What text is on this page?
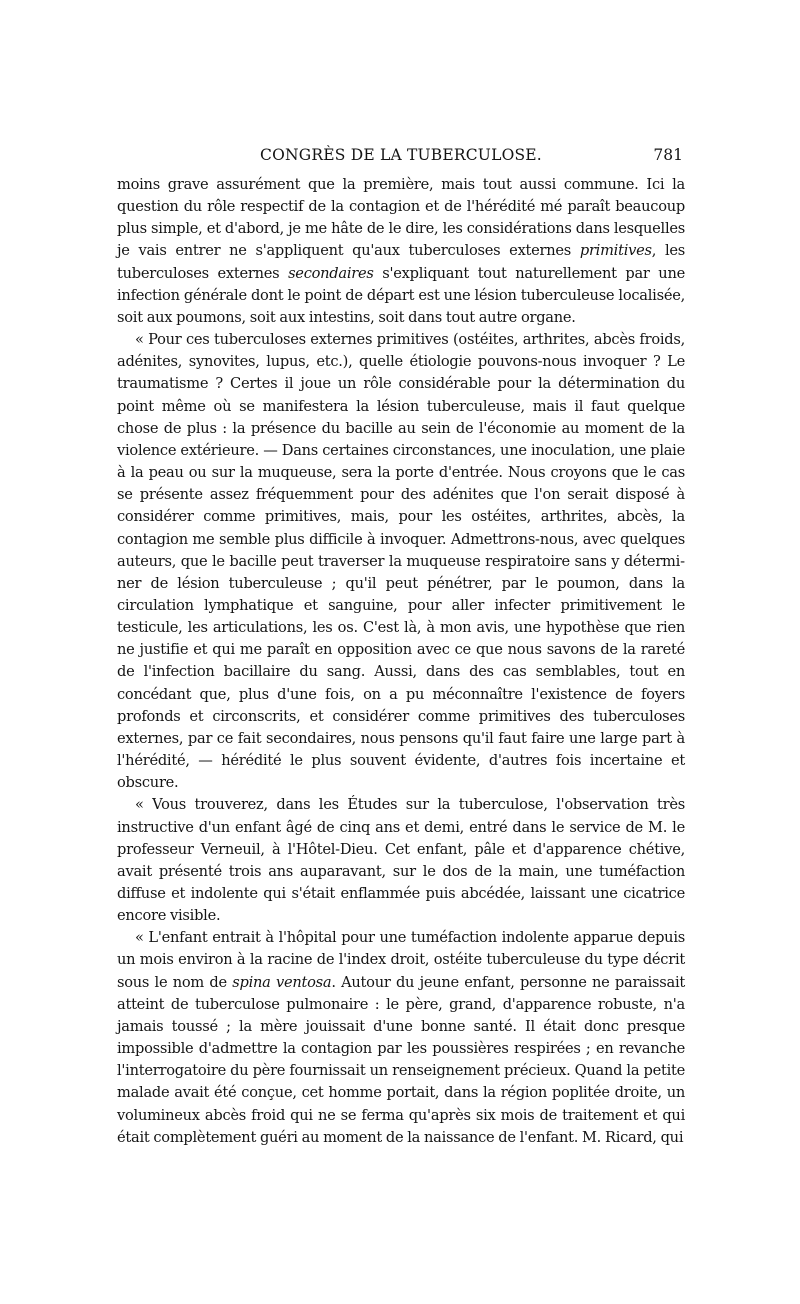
CONGRÈS DE LA TUBERCULOSE.	781

moins grave assurément que la première, mais tout aussi commune. Ici la question du rôle respectif de la contagion et de l'hérédité mé paraît beaucoup plus simple, et d'abord, je me hâte de le dire, les considérations dans lesquelles je vais entrer ne s'appliquent qu'aux tuberculoses externes primitives, les tuberculoses externes secondaires s'expliquant tout naturellement par une infection générale dont le point de départ est une lésion tuberculeuse localisée, soit aux poumons, soit aux intestins, soit dans tout autre organe.

« Pour ces tuberculoses externes primitives (ostéites, arthrites, abcès froids, adénites, synovites, lupus, etc.), quelle étiologie pouvons-nous invoquer ? Le traumatisme ? Certes il joue un rôle considérable pour la détermination du point même où se manifestera la lésion tuberculeuse, mais il faut quelque chose de plus : la présence du bacille au sein de l'économie au moment de la violence extérieure. — Dans certaines circonstances, une inoculation, une plaie à la peau ou sur la muqueuse, sera la porte d'entrée. Nous croyons que le cas se présente assez fréquemment pour des adénites que l'on serait disposé à considérer comme primitives, mais, pour les ostéites, arthrites, abcès, la contagion me semble plus difficile à invoquer. Admettrons-nous, avec quelques auteurs, que le bacille peut traverser la muqueuse respiratoire sans y déterminer de lésion tuberculeuse ; qu'il peut pénétrer, par le poumon, dans la circulation lymphatique et sanguine, pour aller infecter primitivement le testicule, les articulations, les os. C'est là, à mon avis, une hypothèse que rien ne justifie et qui me paraît en opposition avec ce que nous savons de la rareté de l'infection bacillaire du sang. Aussi, dans des cas semblables, tout en concédant que, plus d'une fois, on a pu méconnaître l'existence de foyers profonds et circonscrits, et considérer comme primitives des tuberculoses externes, par ce fait secondaires, nous pensons qu'il faut faire une large part à l'hérédité, — hérédité le plus souvent évidente, d'autres fois incertaine et obscure.

« Vous trouverez, dans les Études sur la tuberculose, l'observation très instructive d'un enfant âgé de cinq ans et demi, entré dans le service de M. le professeur Verneuil, à l'Hôtel-Dieu. Cet enfant, pâle et d'apparence chétive, avait présenté trois ans auparavant, sur le dos de la main, une tuméfaction diffuse et indolente qui s'était enflammée puis abcédée, laissant une cicatrice encore visible.

« L'enfant entrait à l'hôpital pour une tuméfaction indolente apparue depuis un mois environ à la racine de l'index droit, ostéite tuberculeuse du type décrit sous le nom de spina ventosa. Autour du jeune enfant, personne ne paraissait atteint de tuberculose pulmonaire : le père, grand, d'apparence robuste, n'a jamais toussé ; la mère jouissait d'une bonne santé. Il était donc presque impossible d'admettre la contagion par les poussières respirées ; en revanche l'interrogatoire du père fournissait un renseignement précieux. Quand la petite malade avait été conçue, cet homme portait, dans la région poplitée droite, un volumineux abcès froid qui ne se ferma qu'après six mois de traitement et qui était complètement guéri au moment de la naissance de l'enfant. M. Ricard, qui
